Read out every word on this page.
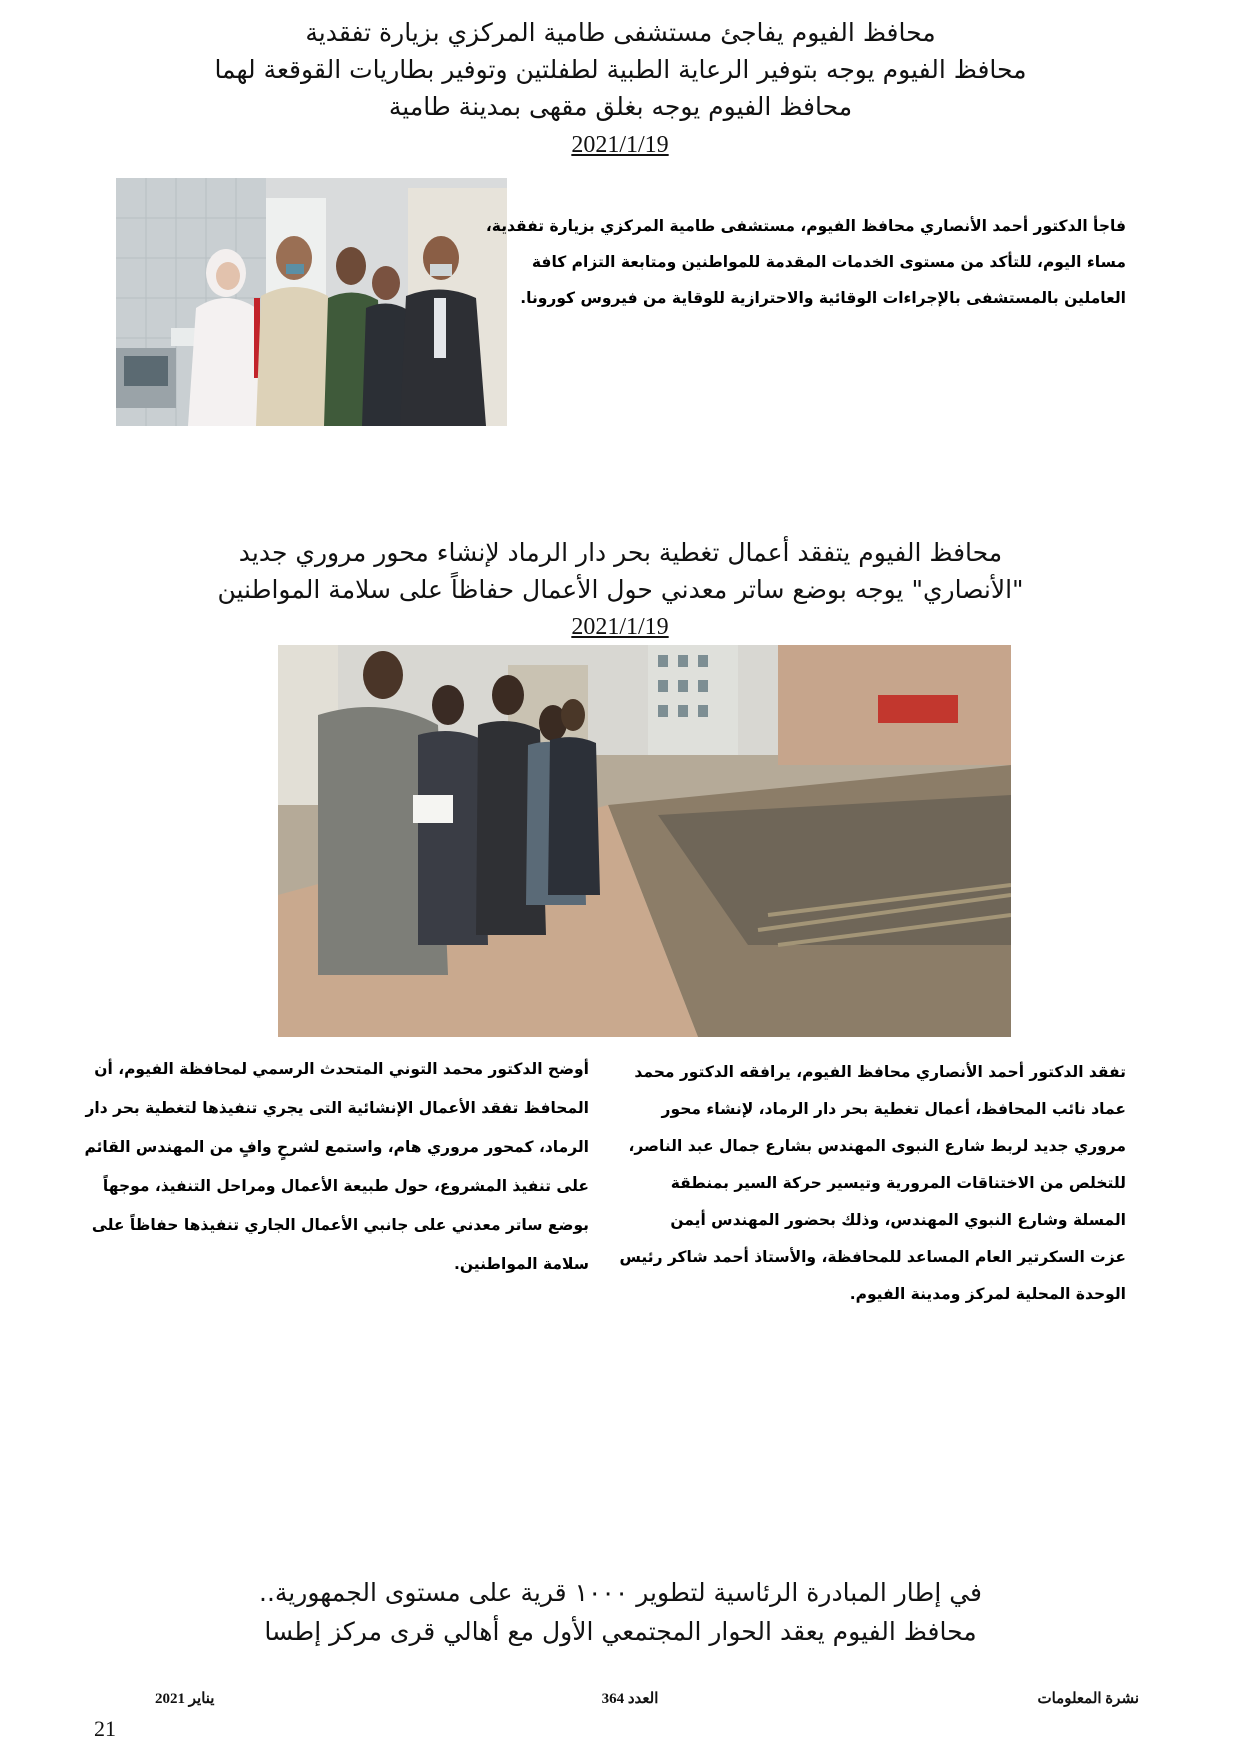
محافظ الفيوم يفاجئ مستشفى طامية المركزي بزيارة تفقدية
محافظ الفيوم يوجه بتوفير الرعاية الطبية لطفلتين وتوفير بطاريات القوقعة لهما
محافظ الفيوم يوجه بغلق مقهى بمدينة طامية
2021/1/19
فاجأ الدكتور أحمد الأنصاري محافظ الفيوم، مستشفى طامية المركزي بزيارة تفقدية،
مساء اليوم، للتأكد من مستوى الخدمات المقدمة للمواطنين ومتابعة التزام كافة
العاملين بالمستشفى بالإجراءات الوقائية والاحترازية للوقاية من فيروس كورونا.
محافظ الفيوم يتفقد أعمال تغطية بحر دار الرماد لإنشاء محور مروري جديد
"الأنصاري" يوجه بوضع ساتر معدني حول الأعمال حفاظاً على سلامة المواطنين
2021/1/19
تفقد الدكتور أحمد الأنصاري محافظ الفيوم، يرافقه الدكتور محمد
عماد نائب المحافظ، أعمال تغطية بحر دار الرماد، لإنشاء محور
مروري جديد لربط شارع النبوى المهندس بشارع جمال عبد الناصر،
للتخلص من الاختناقات المرورية وتيسير حركة السير بمنطقة
المسلة وشارع النبوي المهندس، وذلك بحضور المهندس أيمن
عزت السكرتير العام المساعد للمحافظة، والأستاذ أحمد شاكر رئيس
الوحدة المحلية لمركز ومدينة الفيوم.
أوضح الدكتور محمد التوني المتحدث الرسمي لمحافظة الفيوم، أن
المحافظ تفقد الأعمال الإنشائية التى يجري تنفيذها لتغطية بحر دار
الرماد، كمحور مروري هام، واستمع لشرحٍ وافٍ من المهندس القائم
على تنفيذ المشروع، حول طبيعة الأعمال ومراحل التنفيذ، موجهاً
بوضع ساتر معدني على جانبي الأعمال الجاري تنفيذها حفاظاً على
سلامة المواطنين.
في إطار المبادرة الرئاسية لتطوير ١٠٠٠ قرية على مستوى الجمهورية..
محافظ الفيوم يعقد الحوار المجتمعي الأول مع أهالي قرى مركز إطسا
نشرة المعلومات
العدد 364
يناير 2021
21
